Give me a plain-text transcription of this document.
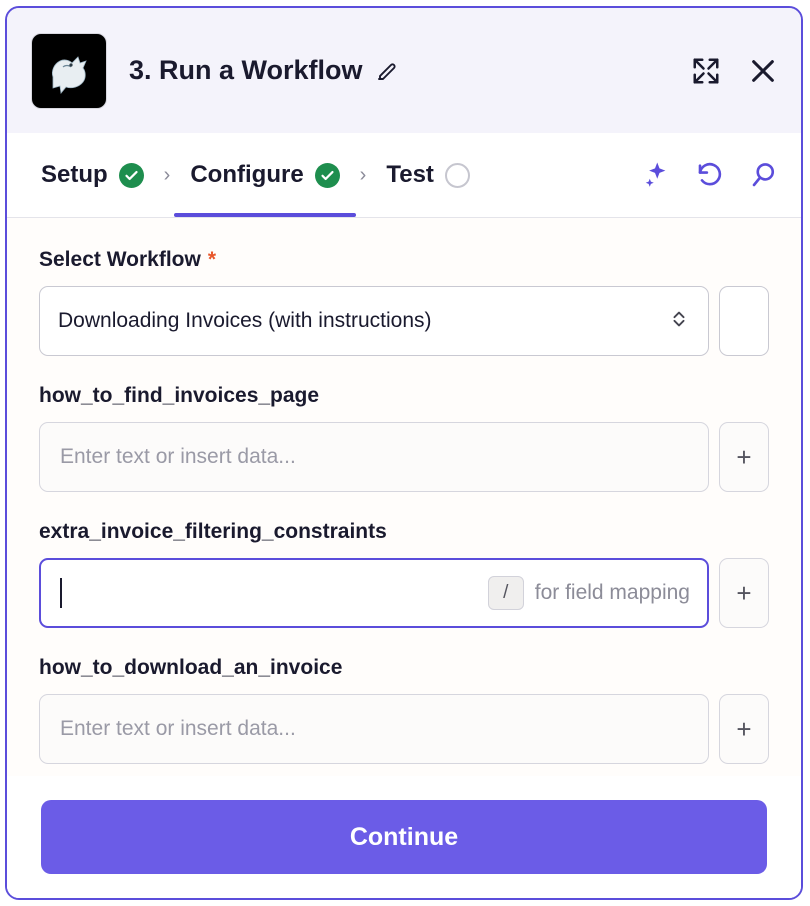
3. Run a Workflow
Setup	› Configure	› Test
Select Workflow *
Downloading Invoices (with instructions)
how_to_find_invoices_page
Enter text or insert data...	+
extra_invoice_filtering_constraints
/	for field mapping +
how_to_download_an_invoice
Enter text or insert data...	+
Continue
